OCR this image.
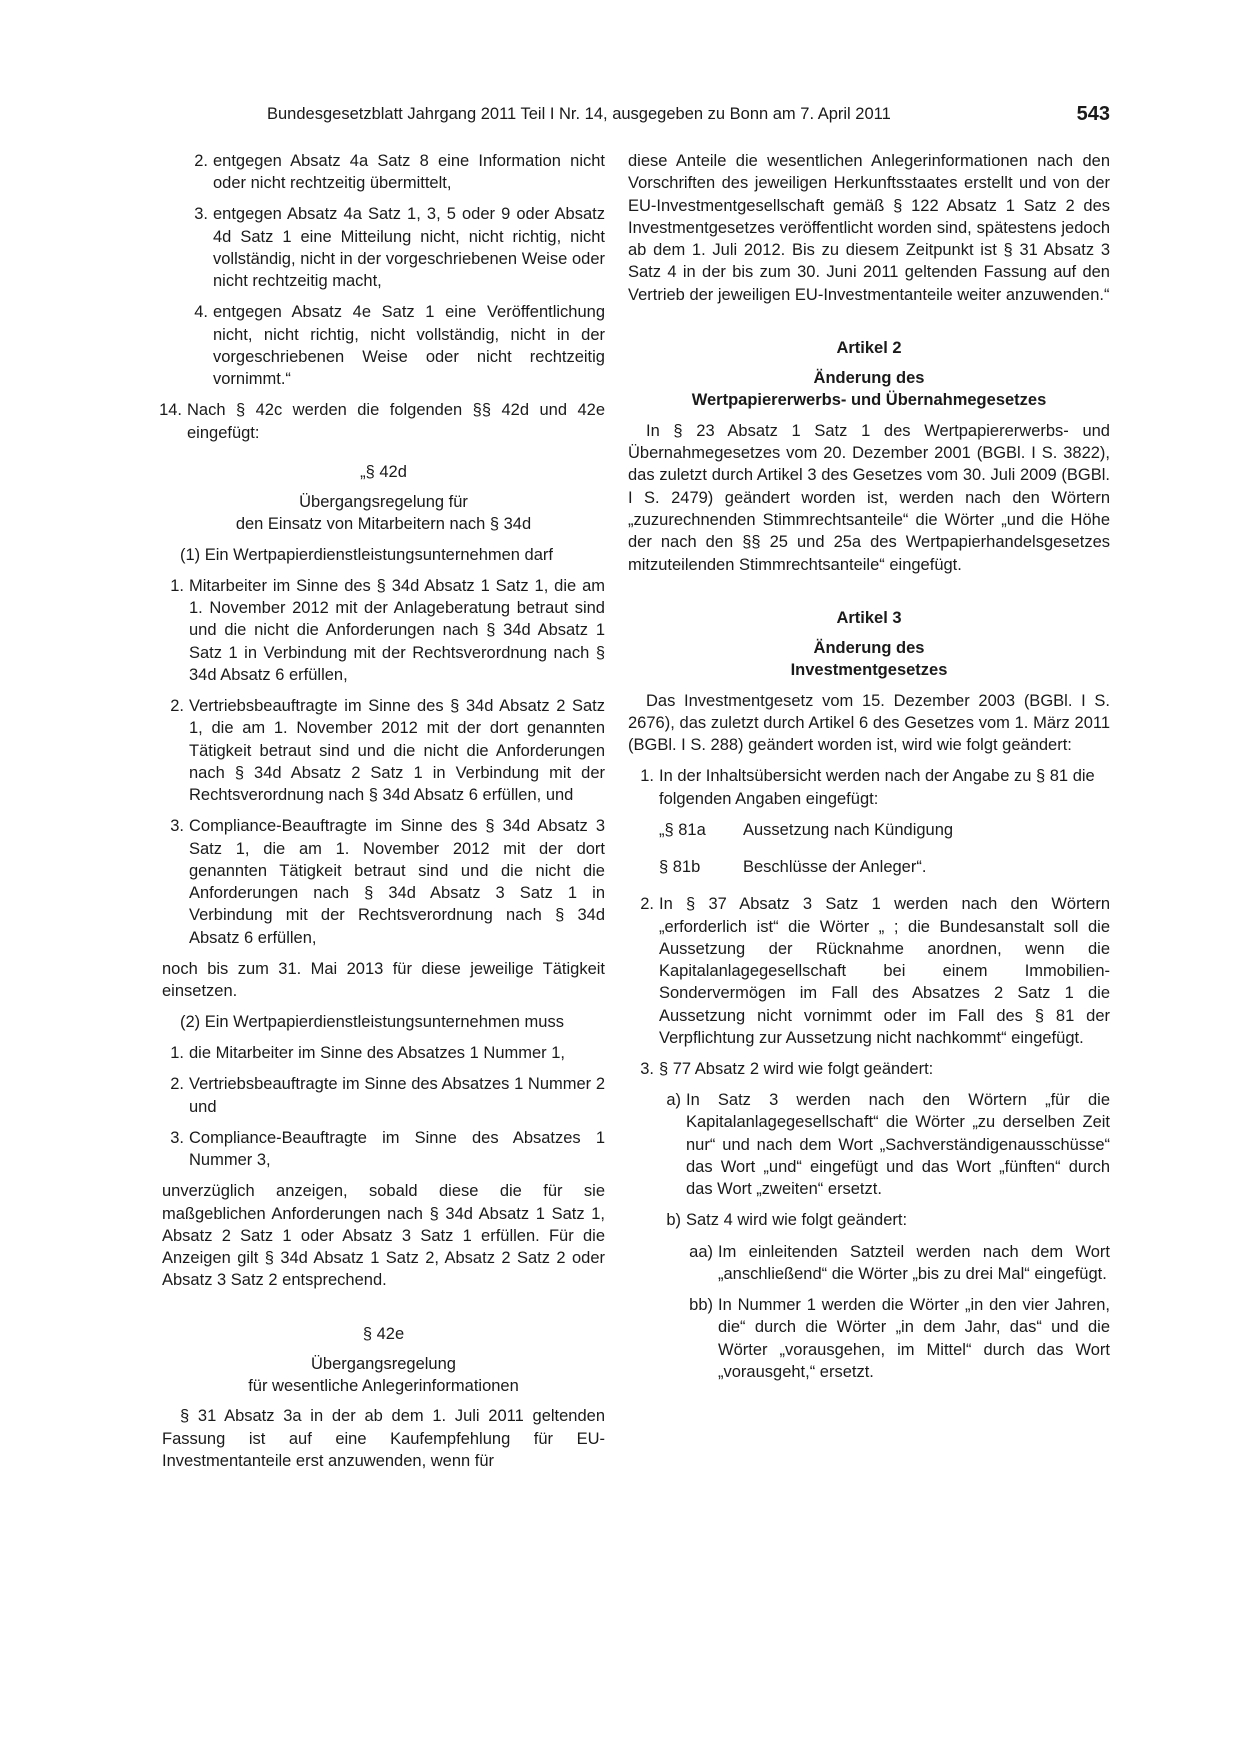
Bundesgesetzblatt Jahrgang 2011 Teil I Nr. 14, ausgegeben zu Bonn am 7. April 2011	543
2. entgegen Absatz 4a Satz 8 eine Information nicht oder nicht rechtzeitig übermittelt,
3. entgegen Absatz 4a Satz 1, 3, 5 oder 9 oder Absatz 4d Satz 1 eine Mitteilung nicht, nicht richtig, nicht vollständig, nicht in der vorgeschriebenen Weise oder nicht rechtzeitig macht,
4. entgegen Absatz 4e Satz 1 eine Veröffentlichung nicht, nicht richtig, nicht vollständig, nicht in der vorgeschriebenen Weise oder nicht rechtzeitig vornimmt.“
14. Nach § 42c werden die folgenden §§ 42d und 42e eingefügt:

„§ 42d

Übergangsregelung für

den Einsatz von Mitarbeitern nach § 34d

(1) Ein Wertpapierdienstleistungsunternehmen darf

1. Mitarbeiter im Sinne des § 34d Absatz 1 Satz 1, die am 1. November 2012 mit der Anlageberatung betraut sind und die nicht die Anforderungen nach § 34d Absatz 1 Satz 1 in Verbindung mit der Rechtsverordnung nach § 34d Absatz 6 erfüllen,
2. Vertriebsbeauftragte im Sinne des § 34d Absatz 2 Satz 1, die am 1. November 2012 mit der dort genannten Tätigkeit betraut sind und die nicht die Anforderungen nach § 34d Absatz 2 Satz 1 in Verbindung mit der Rechtsverordnung nach § 34d Absatz 6 erfüllen, und
3. Compliance-Beauftragte im Sinne des § 34d Absatz 3 Satz 1, die am 1. November 2012 mit der dort genannten Tätigkeit betraut sind und die nicht die Anforderungen nach § 34d Absatz 3 Satz 1 in Verbindung mit der Rechtsverordnung nach § 34d Absatz 6 erfüllen,

noch bis zum 31. Mai 2013 für diese jeweilige Tätigkeit einsetzen.

(2) Ein Wertpapierdienstleistungsunternehmen muss

1. die Mitarbeiter im Sinne des Absatzes 1 Nummer 1,
2. Vertriebsbeauftragte im Sinne des Absatzes 1 Nummer 2 und
3. Compliance-Beauftragte im Sinne des Absatzes 1 Nummer 3,

unverzüglich anzeigen, sobald diese die für sie maßgeblichen Anforderungen nach § 34d Absatz 1 Satz 1, Absatz 2 Satz 1 oder Absatz 3 Satz 1 erfüllen. Für die Anzeigen gilt § 34d Absatz 1 Satz 2, Absatz 2 Satz 2 oder Absatz 3 Satz 2 entsprechend.

§ 42e

Übergangsregelung

für wesentliche Anlegerinformationen

§ 31 Absatz 3a in der ab dem 1. Juli 2011 geltenden Fassung ist auf eine Kaufempfehlung für EU-Investmentanteile erst anzuwenden, wenn für

diese Anteile die wesentlichen Anlegerinformationen nach den Vorschriften des jeweiligen Herkunftsstaates erstellt und von der EU-Investmentgesellschaft gemäß § 122 Absatz 1 Satz 2 des Investmentgesetzes veröffentlicht worden sind, spätestens jedoch ab dem 1. Juli 2012. Bis zu diesem Zeitpunkt ist § 31 Absatz 3 Satz 4 in der bis zum 30. Juni 2011 geltenden Fassung auf den Vertrieb der jeweiligen EU-Investmentanteile weiter anzuwenden.“

Artikel 2

Änderung des

Wertpapiererwerbs- und Übernahmegesetzes

In § 23 Absatz 1 Satz 1 des Wertpapiererwerbs- und Übernahmegesetzes vom 20. Dezember 2001 (BGBl. I S. 3822), das zuletzt durch Artikel 3 des Gesetzes vom 30. Juli 2009 (BGBl. I S. 2479) geändert worden ist, werden nach den Wörtern „zuzurechnenden Stimmrechtsanteile“ die Wörter „und die Höhe der nach den §§ 25 und 25a des Wertpapierhandelsgesetzes mitzuteilenden Stimmrechtsanteile“ eingefügt.

Artikel 3

Änderung des

Investmentgesetzes

Das Investmentgesetz vom 15. Dezember 2003 (BGBl. I S. 2676), das zuletzt durch Artikel 6 des Gesetzes vom 1. März 2011 (BGBl. I S. 288) geändert worden ist, wird wie folgt geändert:

1. In der Inhaltsübersicht werden nach der Angabe zu § 81 die folgenden Angaben eingefügt:
„§ 81a	Aussetzung nach Kündigung
§ 81b	Beschlüsse der Anleger“.
2. In § 37 Absatz 3 Satz 1 werden nach den Wörtern „erforderlich ist“ die Wörter „ ; die Bundesanstalt soll die Aussetzung der Rücknahme anordnen, wenn die Kapitalanlagegesellschaft bei einem Immobilien-Sondervermögen im Fall des Absatzes 2 Satz 1 die Aussetzung nicht vornimmt oder im Fall des § 81 der Verpflichtung zur Aussetzung nicht nachkommt“ eingefügt.
3. § 77 Absatz 2 wird wie folgt geändert:
a) In Satz 3 werden nach den Wörtern „für die Kapitalanlagegesellschaft“ die Wörter „zu derselben Zeit nur“ und nach dem Wort „Sachverständigenausschüsse“ das Wort „und“ eingefügt und das Wort „fünften“ durch das Wort „zweiten“ ersetzt.
b) Satz 4 wird wie folgt geändert:
aa) Im einleitenden Satzteil werden nach dem Wort „anschließend“ die Wörter „bis zu drei Mal“ eingefügt.
bb) In Nummer 1 werden die Wörter „in den vier Jahren, die“ durch die Wörter „in dem Jahr, das“ und die Wörter „vorausgehen, im Mittel“ durch das Wort „vorausgeht,“ ersetzt.
